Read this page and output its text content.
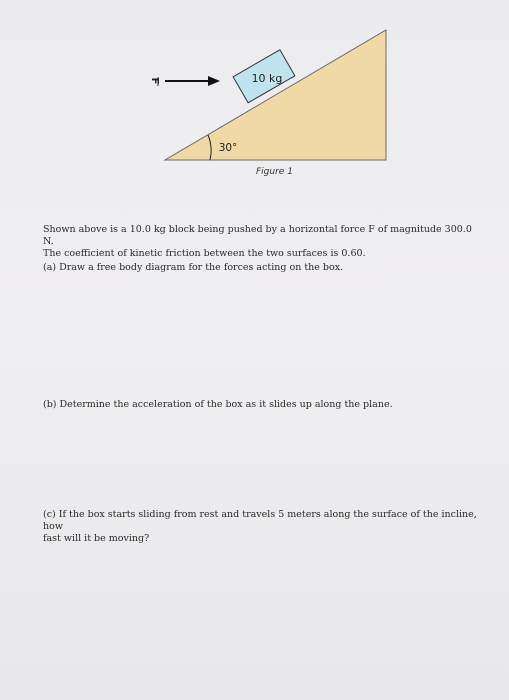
F	10 kg
30°
Figure 1
Shown above is a 10.0 kg block being pushed by a horizontal force F of magnitude 300.0 N.
The coefficient of kinetic friction between the two surfaces is 0.60.

(a) Draw a free body diagram for the forces acting on the box.

(b) Determine the acceleration of the box as it slides up along the plane.

(c) If the box starts sliding from rest and travels 5 meters along the surface of the incline, how
fast will it be moving?
